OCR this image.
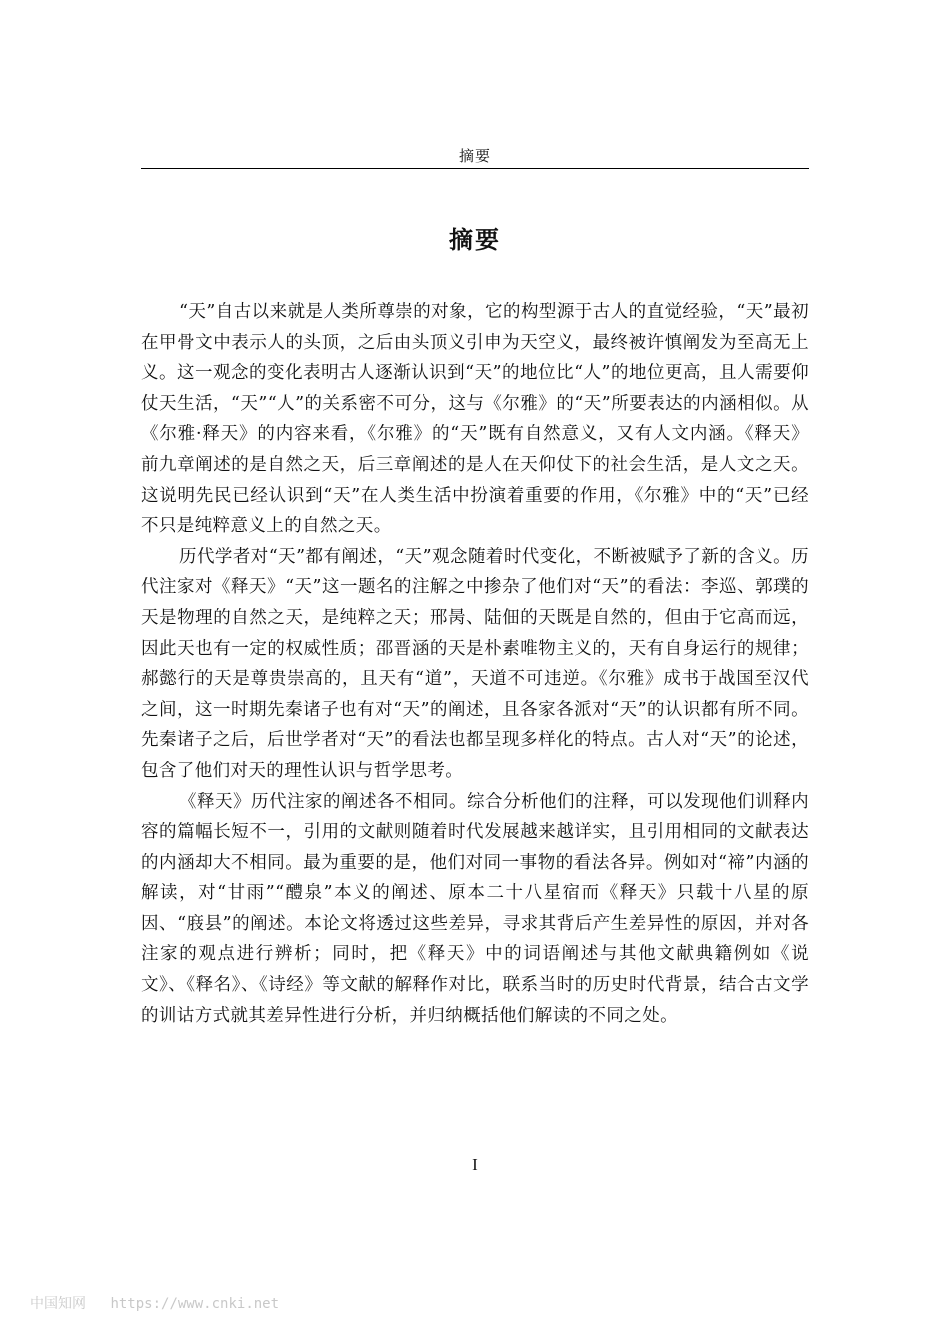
摘要
摘要

“天”自古以来就是人类所尊崇的对象，它的构型源于古人的直觉经验，“天”最初在甲骨文中表示人的头顶，之后由头顶义引申为天空义，最终被许慎阐发为至高无上义。这一观念的变化表明古人逐渐认识到“天”的地位比“人”的地位更高，且人需要仰仗天生活，“天”“人”的关系密不可分，这与《尔雅》的“天”所要表达的内涵相似。从《尔雅·释天》的内容来看，《尔雅》的“天”既有自然意义，又有人文内涵。《释天》前九章阐述的是自然之天，后三章阐述的是人在天仰仗下的社会生活，是人文之天。这说明先民已经认识到“天”在人类生活中扮演着重要的作用，《尔雅》中的“天”已经不只是纯粹意义上的自然之天。

历代学者对“天”都有阐述，“天”观念随着时代变化，不断被赋予了新的含义。历代注家对《释天》“天”这一题名的注解之中掺杂了他们对“天”的看法：李巡、郭璞的天是物理的自然之天，是纯粹之天；邢昺、陆佃的天既是自然的，但由于它高而远，因此天也有一定的权威性质；邵晋涵的天是朴素唯物主义的，天有自身运行的规律；郝懿行的天是尊贵崇高的，且天有“道”，天道不可违逆。《尔雅》成书于战国至汉代之间，这一时期先秦诸子也有对“天”的阐述，且各家各派对“天”的认识都有所不同。先秦诸子之后，后世学者对“天”的看法也都呈现多样化的特点。古人对“天”的论述，包含了他们对天的理性认识与哲学思考。

《释天》历代注家的阐述各不相同。综合分析他们的注释，可以发现他们训释内容的篇幅长短不一，引用的文献则随着时代发展越来越详实，且引用相同的文献表达的内涵却大不相同。最为重要的是，他们对同一事物的看法各异。例如对“禘”内涵的解读，对“甘雨”“醴泉”本义的阐述、原本二十八星宿而《释天》只载十八星的原因、“庪县”的阐述。本论文将透过这些差异，寻求其背后产生差异性的原因，并对各注家的观点进行辨析；同时，把《释天》中的词语阐述与其他文献典籍例如《说文》、《释名》、《诗经》等文献的解释作对比，联系当时的历史时代背景，结合古文学的训诂方式就其差异性进行分析，并归纳概括他们解读的不同之处。

I
中国知网 https://www.cnki.net
